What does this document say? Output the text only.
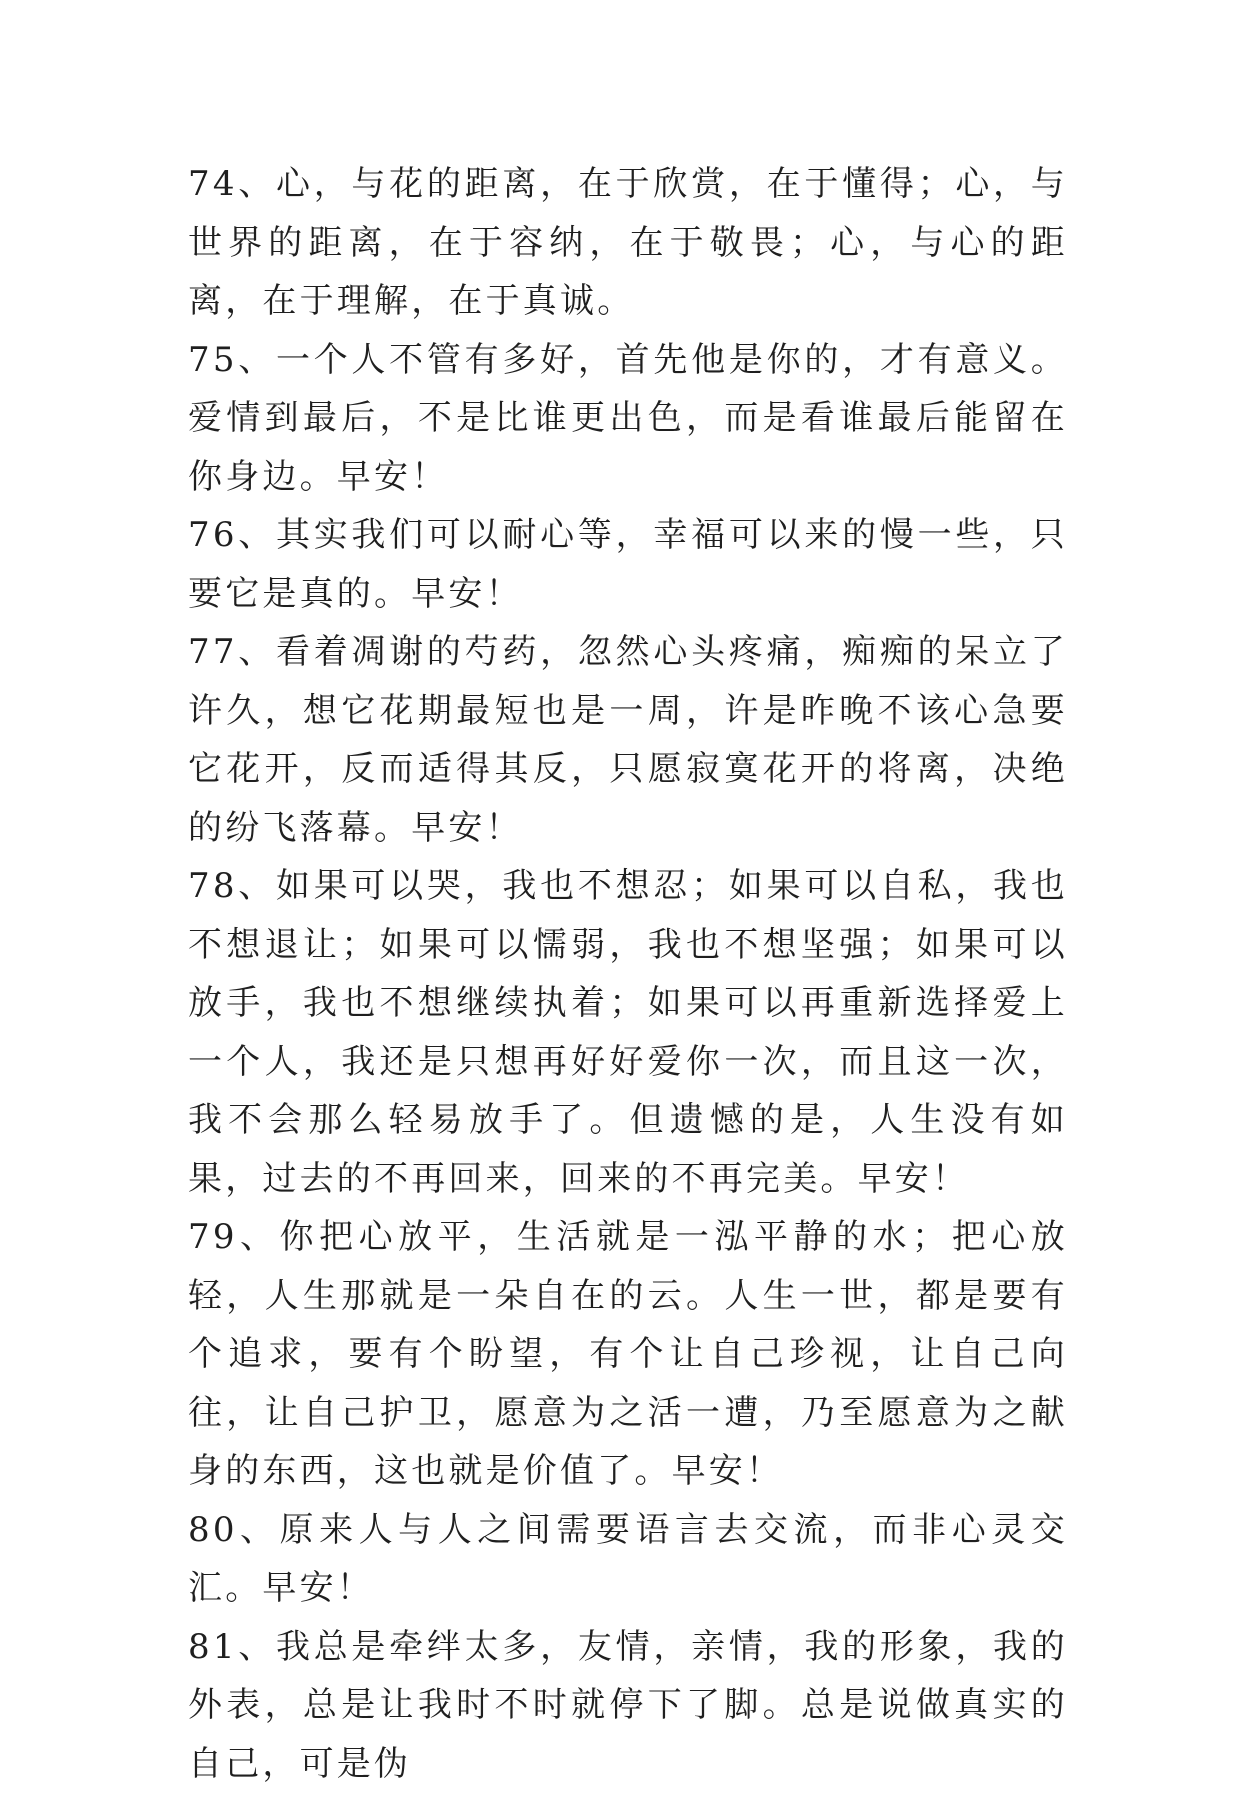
74、心，与花的距离，在于欣赏，在于懂得；心，与世界的距离，在于容纳，在于敬畏；心，与心的距离，在于理解，在于真诚。

75、一个人不管有多好，首先他是你的，才有意义。爱情到最后，不是比谁更出色，而是看谁最后能留在你身边。早安！

76、其实我们可以耐心等，幸福可以来的慢一些，只要它是真的。早安！

77、看着凋谢的芍药，忽然心头疼痛，痴痴的呆立了许久，想它花期最短也是一周，许是昨晚不该心急要它花开，反而适得其反，只愿寂寞花开的将离，决绝的纷飞落幕。早安！

78、如果可以哭，我也不想忍；如果可以自私，我也不想退让；如果可以懦弱，我也不想坚强；如果可以放手，我也不想继续执着；如果可以再重新选择爱上一个人，我还是只想再好好爱你一次，而且这一次，我不会那么轻易放手了。但遗憾的是，人生没有如果，过去的不再回来，回来的不再完美。早安！

79、你把心放平，生活就是一泓平静的水；把心放轻，人生那就是一朵自在的云。人生一世，都是要有个追求，要有个盼望，有个让自己珍视，让自己向往，让自己护卫，愿意为之活一遭，乃至愿意为之献身的东西，这也就是价值了。早安！

80、原来人与人之间需要语言去交流，而非心灵交汇。早安！

81、我总是牵绊太多，友情，亲情，我的形象，我的外表，总是让我时不时就停下了脚。总是说做真实的自己，可是伪
